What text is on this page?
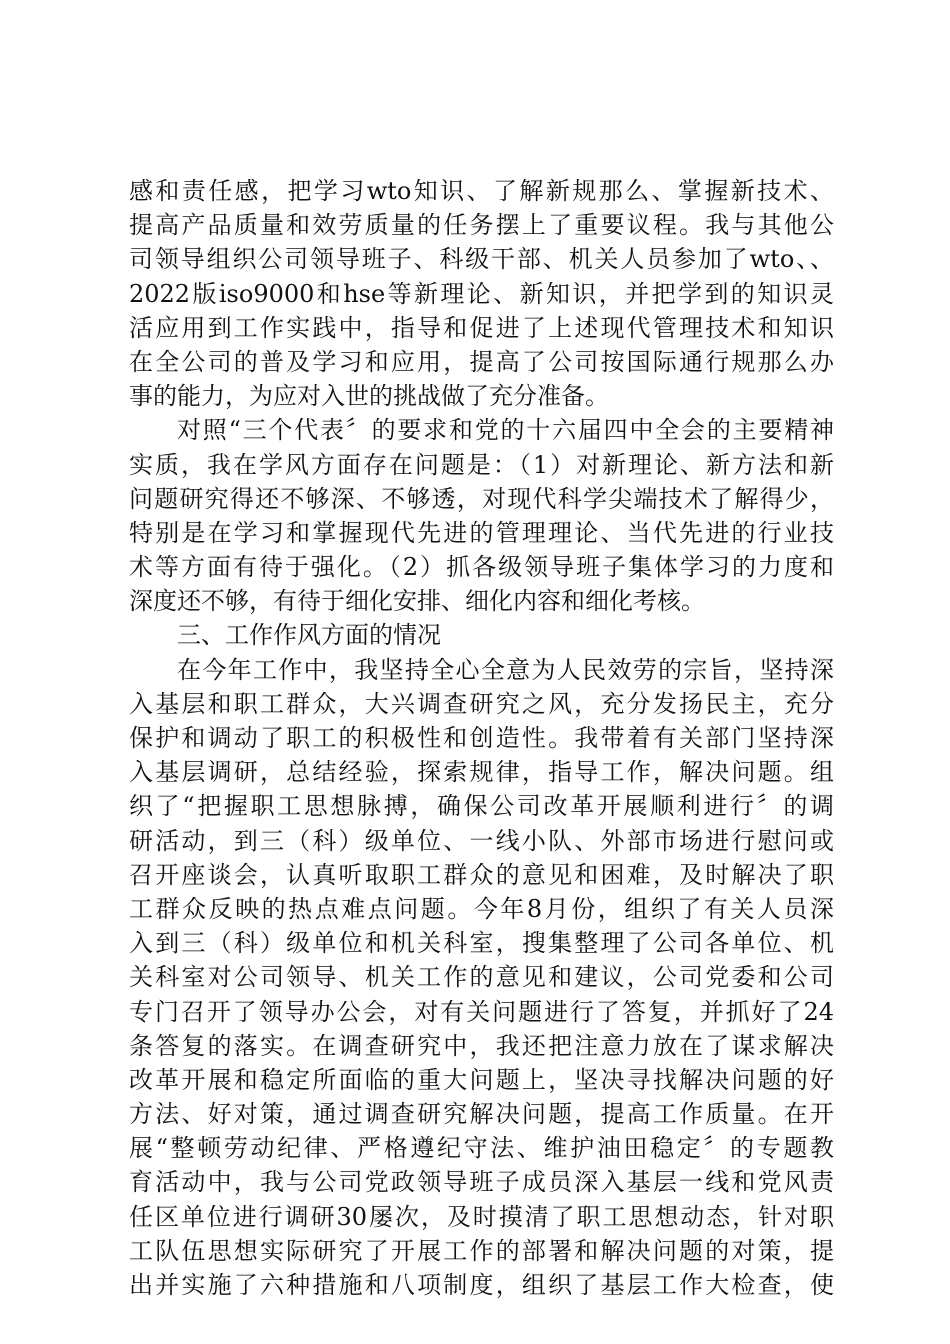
感和责任感，把学习wto知识、了解新规那么、掌握新技术、
提高产品质量和效劳质量的任务摆上了重要议程。我与其他公
司领导组织公司领导班子、科级干部、机关人员参加了wto、、
2022版iso9000和hse等新理论、新知识，并把学到的知识灵
活应用到工作实践中，指导和促进了上述现代管理技术和知识
在全公司的普及学习和应用，提高了公司按国际通行规那么办
事的能力，为应对入世的挑战做了充分准备。
对照“三个代表〞的要求和党的十六届四中全会的主要精神
实质，我在学风方面存在问题是：（1）对新理论、新方法和新
问题研究得还不够深、不够透，对现代科学尖端技术了解得少，
特别是在学习和掌握现代先进的管理理论、当代先进的行业技
术等方面有待于强化。（2）抓各级领导班子集体学习的力度和
深度还不够，有待于细化安排、细化内容和细化考核。
三、工作作风方面的情况
在今年工作中，我坚持全心全意为人民效劳的宗旨，坚持深
入基层和职工群众，大兴调查研究之风，充分发扬民主，充分
保护和调动了职工的积极性和创造性。我带着有关部门坚持深
入基层调研，总结经验，探索规律，指导工作，解决问题。组
织了“把握职工思想脉搏，确保公司改革开展顺利进行〞的调
研活动，到三（科）级单位、一线小队、外部市场进行慰问或
召开座谈会，认真听取职工群众的意见和困难，及时解决了职
工群众反映的热点难点问题。今年8月份，组织了有关人员深
入到三（科）级单位和机关科室，搜集整理了公司各单位、机
关科室对公司领导、机关工作的意见和建议，公司党委和公司
专门召开了领导办公会，对有关问题进行了答复，并抓好了24
条答复的落实。在调查研究中，我还把注意力放在了谋求解决
改革开展和稳定所面临的重大问题上，坚决寻找解决问题的好
方法、好对策，通过调查研究解决问题，提高工作质量。在开
展“整顿劳动纪律、严格遵纪守法、维护油田稳定〞的专题教
育活动中，我与公司党政领导班子成员深入基层一线和党风责
任区单位进行调研30屡次，及时摸清了职工思想动态，针对职
工队伍思想实际研究了开展工作的部署和解决问题的对策，提
出并实施了六种措施和八项制度，组织了基层工作大检查，使
